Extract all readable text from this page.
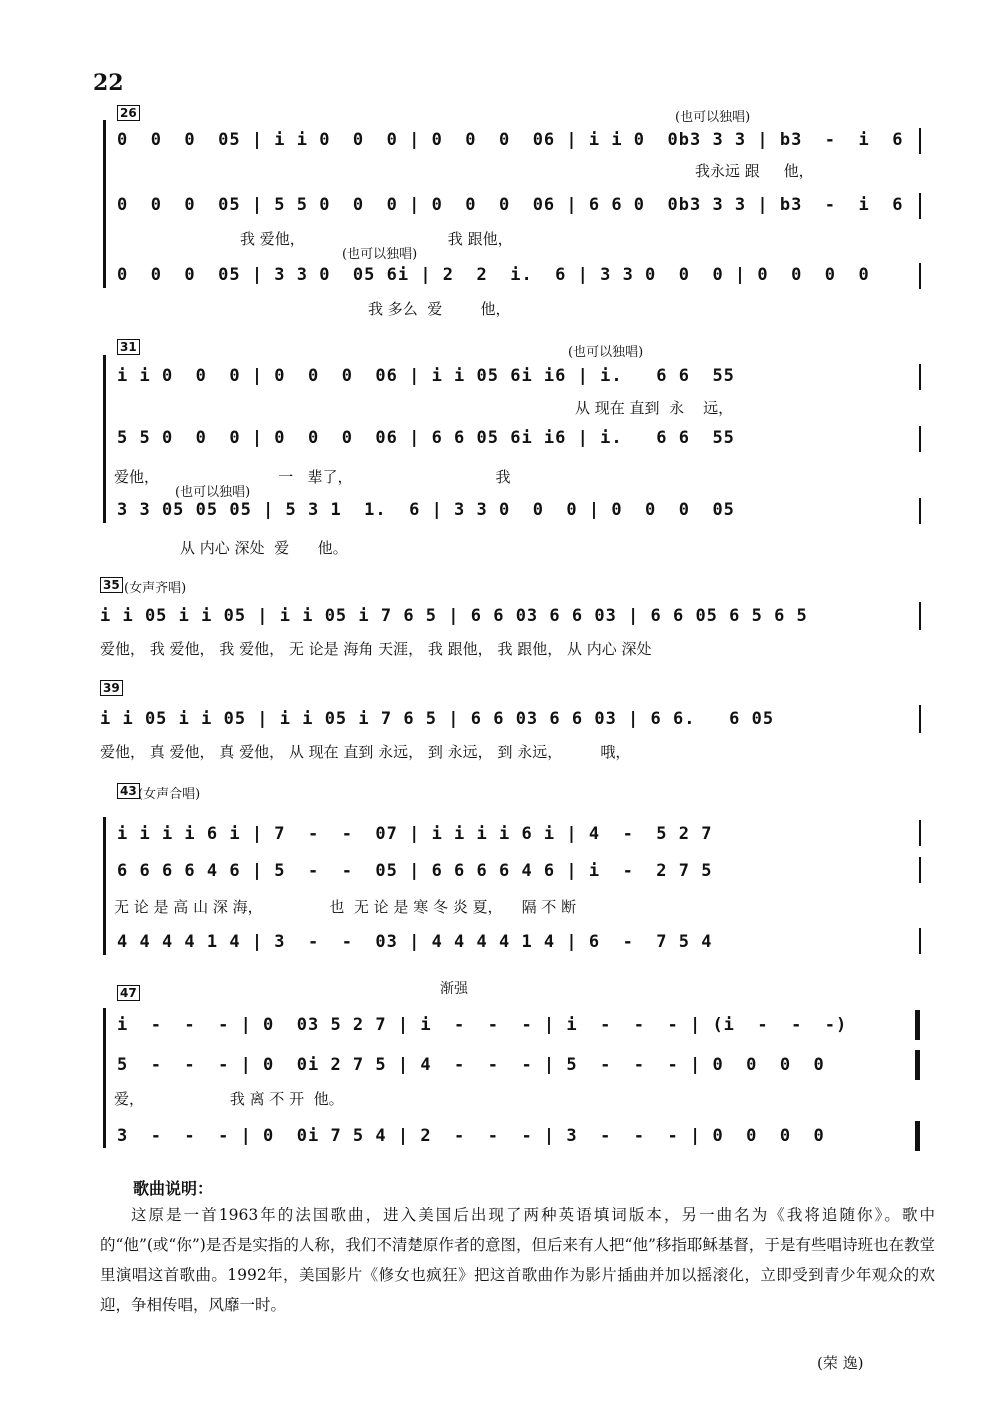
22
26	(也可以独唱)
(也可以独唱)
0  0  0  05 | i i 0  0  0 | 0  0  0  06 | i i 0  0b3 3 3 | b3  -  i  6
我永远 跟     他，
0  0  0  05 | 5 5 0  0  0 | 0  0  0  06 | 6 6 0  0b3 3 3 | b3  -  i  6
我 爱他，                              我 跟他，
0  0  0  05 | 3 3 0  05 6i | 2  2  i.  6 | 3 3 0  0  0 | 0  0  0  0
我 多么  爱        他，
31	(也可以独唱)
(也可以独唱)
i i 0  0  0 | 0  0  0  06 | i i 05 6i i6 | i.   6 6  55
从 现在 直到  永    远，
5 5 0  0  0 | 0  0  0  06 | 6 6 05 6i i6 | i.   6 6  55
爱他，                         一   辈了，                              我
3 3 05 05 05 | 5 3 1  1.  6 | 3 3 0  0  0 | 0  0  0  05
从 内心 深处  爱      他。
35 (女声齐唱)
i i 05 i i 05 | i i 05 i 7 6 5 | 6 6 03 6 6 03 | 6 6 05 6 5 6 5
爱他， 我 爱他， 我 爱他， 无 论是 海角 天涯， 我 跟他， 我 跟他， 从 内心 深处
39
i i 05 i i 05 | i i 05 i 7 6 5 | 6 6 03 6 6 03 | 6 6.   6 05
爱他， 真 爱他， 真 爱他， 从 现在 直到 永远， 到 永远， 到 永远，        哦，
43 (女声合唱)
i i i i 6 i | 7  -  -  07 | i i i i 6 i | 4  -  5 2 7
6 6 6 6 4 6 | 5  -  -  05 | 6 6 6 6 4 6 | i  -  2 7 5
无 论 是 高 山 深 海，              也  无 论 是 寒 冬 炎 夏，    隔 不 断
4 4 4 4 1 4 | 3  -  -  03 | 4 4 4 4 1 4 | 6  -  7 5 4
47	渐强
i  -  -  - | 0  03 5 2 7 | i  -  -  - | i  -  -  - | (i  -  -  -)
5  -  -  - | 0  0i 2 7 5 | 4  -  -  - | 5  -  -  - | 0  0  0  0
爱，                  我 离 不 开  他。
3  -  -  - | 0  0i 7 5 4 | 2  -  -  - | 3  -  -  - | 0  0  0  0
歌曲说明：
这原是一首1963年的法国歌曲，进入美国后出现了两种英语填词版本，另一曲名为《我将追随你》。歌中的“他”(或“你”)是否是实指的人称，我们不清楚原作者的意图，但后来有人把“他”移指耶稣基督，于是有些唱诗班也在教堂里演唱这首歌曲。1992年，美国影片《修女也疯狂》把这首歌曲作为影片插曲并加以摇滚化，立即受到青少年观众的欢迎，争相传唱，风靡一时。
(荣 逸)
